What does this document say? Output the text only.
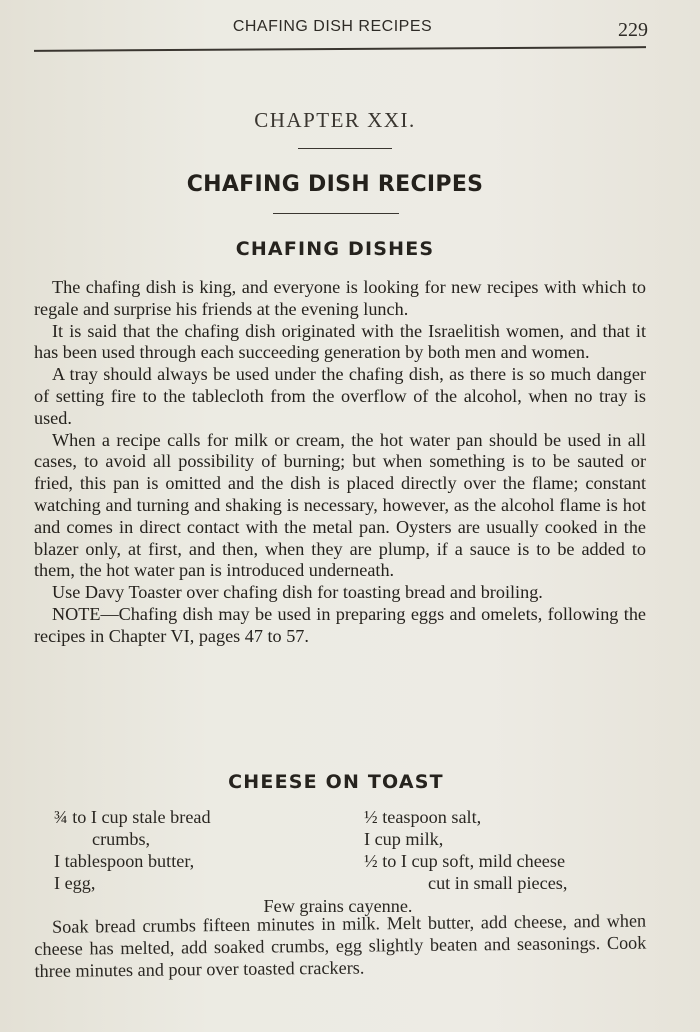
CHAFING DISH RECIPES	229
CHAPTER XXI.
CHAFING DISH RECIPES
CHAFING DISHES

The chafing dish is king, and everyone is looking for new recipes with which to regale and surprise his friends at the evening lunch.

It is said that the chafing dish originated with the Israelitish women, and that it has been used through each succeeding generation by both men and women.

A tray should always be used under the chafing dish, as there is so much danger of setting fire to the tablecloth from the overflow of the alcohol, when no tray is used.

When a recipe calls for milk or cream, the hot water pan should be used in all cases, to avoid all possibility of burning; but when something is to be sauted or fried, this pan is omitted and the dish is placed directly over the flame; constant watching and turning and shaking is necessary, however, as the alcohol flame is hot and comes in direct contact with the metal pan. Oysters are usually cooked in the blazer only, at first, and then, when they are plump, if a sauce is to be added to them, the hot water pan is introduced underneath.

Use Davy Toaster over chafing dish for toasting bread and broiling.

NOTE—Chafing dish may be used in preparing eggs and omelets, following the recipes in Chapter VI, pages 47 to 57.

CHEESE ON TOAST
¾ to I cup stale bread
crumbs,
I tablespoon butter,
I egg,
½ teaspoon salt,
I cup milk,
½ to I cup soft, mild cheese
cut in small pieces,
Few grains cayenne.

Soak bread crumbs fifteen minutes in milk. Melt butter, add cheese, and when cheese has melted, add soaked crumbs, egg slightly beaten and seasonings. Cook three minutes and pour over toasted crackers.
